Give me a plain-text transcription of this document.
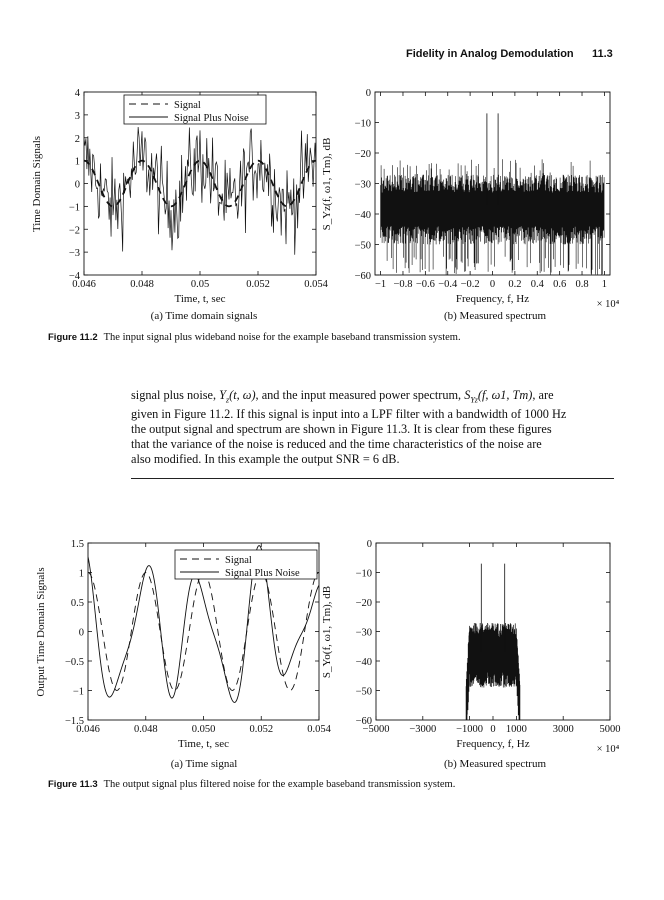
Fidelity in Analog Demodulation 11.3
0.046	0.048	0.05	0.052	0.054
−4
−3
−2
−1
0
1
2
3
4
Time, t, sec
Time Domain Signals
Signal
Signal Plus Noise
−1 −0.8 −0.6 −0.4 −0.2 0 0.2 0.4 0.6 0.8 1
−60
−50
−40
−30
−20
−10
0
Frequency, f, Hz
S_Yz(f, ω1, Tm), dB
× 10⁴
(a) Time domain signals	(b) Measured spectrum
Figure 11.2 The input signal plus wideband noise for the example baseband transmission system.
signal plus noise, $Y_z(t$, ω), and the input measured power spectrum, $S_{Yz}(f$, ω1, Tm), are
given in Figure 11.2. If this signal is input into a LPF filter with a bandwidth of 1000 Hz
the output signal and spectrum are shown in Figure 11.3. It is clear from these figures
that the variance of the noise is reduced and the time characteristics of the noise are
also modified. In this example the output SNR = 6 dB.
0.046	0.048	0.050	0.052	0.054
−1.5
−1
−0.5
0
0.5
1
1.5
Time, t, sec
Output Time Domain Signals
Signal
Signal Plus Noise
−5000 −3000 −1000 0 1000 3000 5000
−60
−50
−40
−30
−20
−10
0
Frequency, f, Hz
S_Yo(f, ω1, Tm), dB
× 10⁴
(a) Time signal	(b) Measured spectrum
Figure 11.3 The output signal plus filtered noise for the example baseband transmission system.
